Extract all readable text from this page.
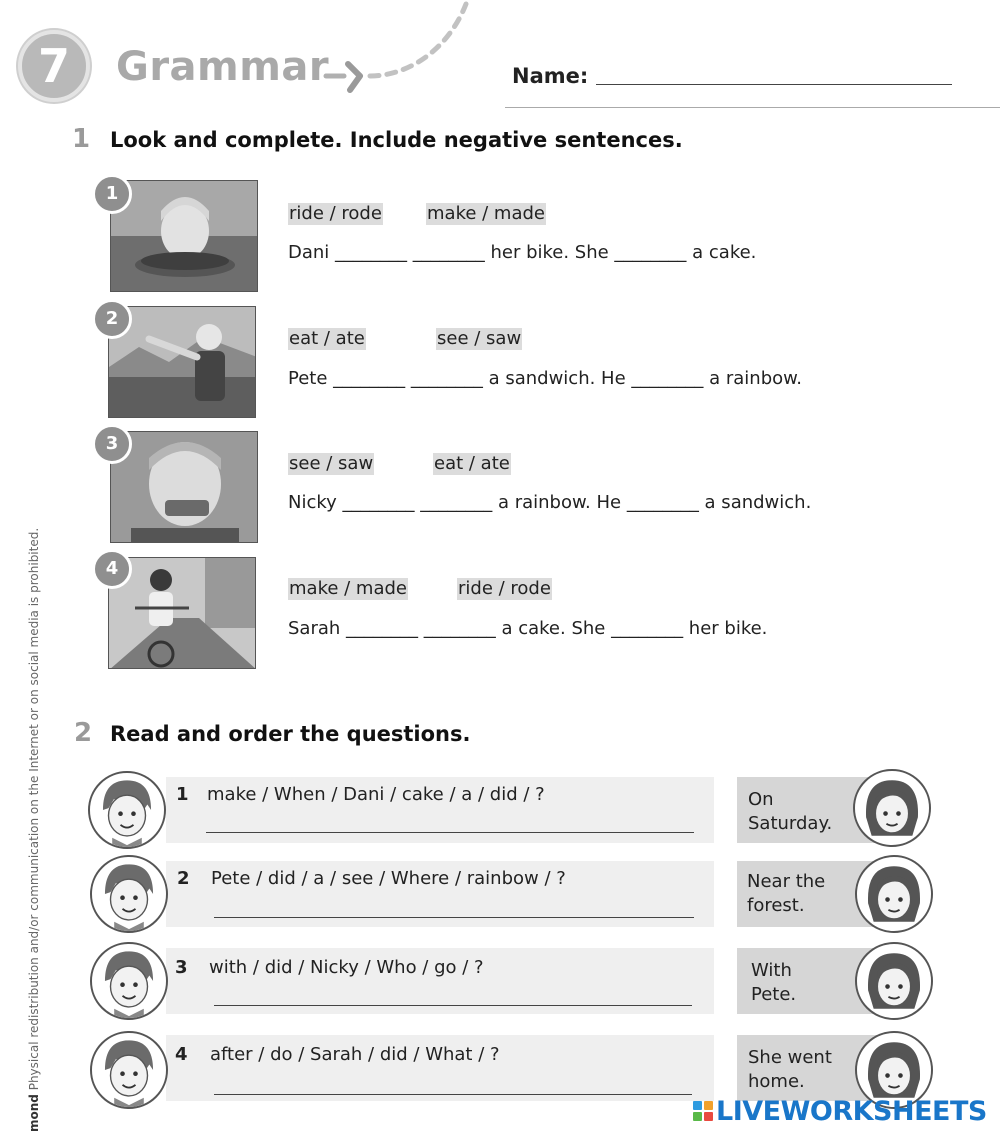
7	Grammar	Name:
1 Look and complete. Include negative sentences.
1
ride / rode	make / made
Dani ________ ________ her bike. She ________ a cake.
2
eat / ate	see / saw
Pete ________ ________ a sandwich. He ________ a rainbow.
3
see / saw	eat / ate
Nicky ________ ________ a rainbow. He ________ a sandwich.
4
make / made	ride / rode
Sarah ________ ________ a cake. She ________ her bike.
2 Read and order the questions.
1 make / When / Dani / cake / a / did / ?	On
Saturday.
2 Pete / did / a / see / Where / rainbow / ?	Near the
forest.
3 with / did / Nicky / Who / go / ?	With
Pete.
4 after / do / Sarah / did / What / ?	She went
home.
mond Physical redistribution and/or communication on the Internet or on social media is prohibited.
LIVEWORKSHEETS
